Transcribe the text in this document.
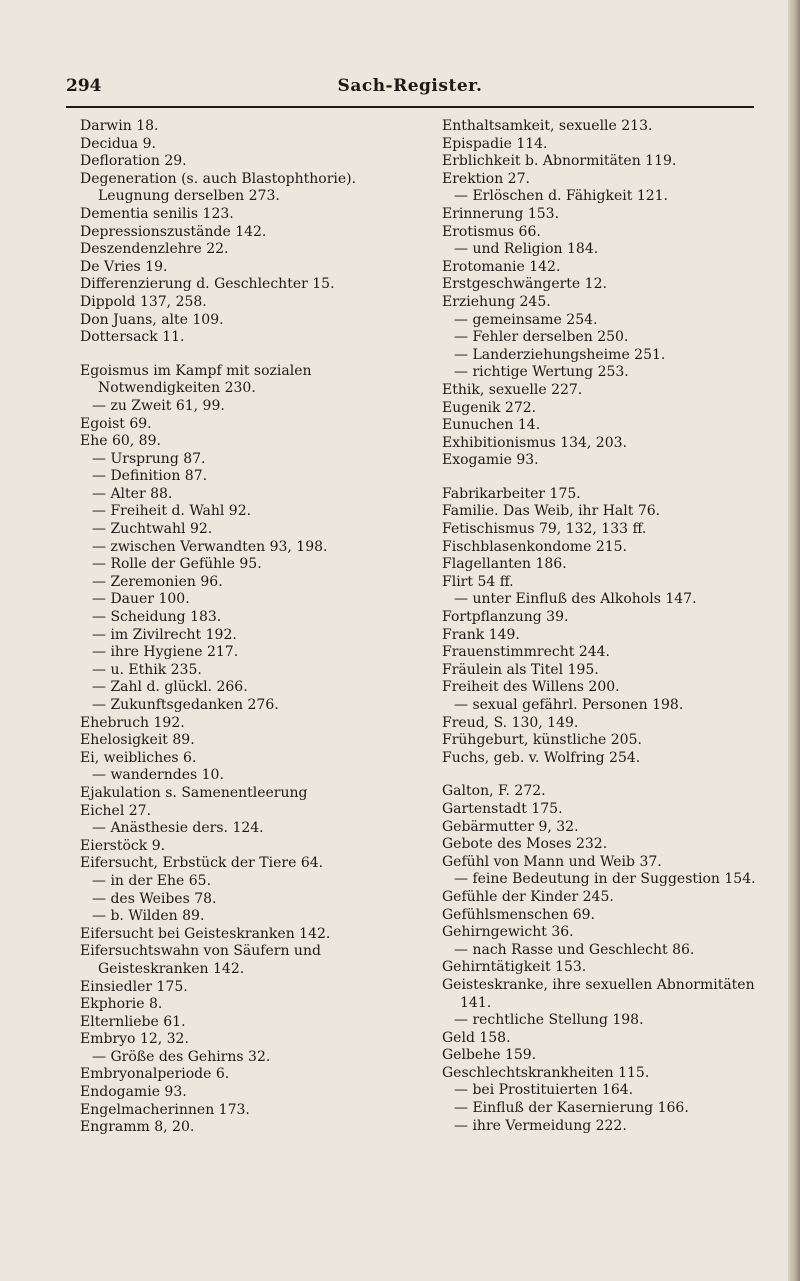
294	Sach-Register.
Darwin 18.
Decidua 9.
Defloration 29.
Degeneration (s. auch Blastophthorie). Leugnung derselben 273.
Dementia senilis 123.
Depressionszustände 142.
Deszendenzlehre 22.
De Vries 19.
Differenzierung d. Geschlechter 15.
Dippold 137, 258.
Don Juans, alte 109.
Dottersack 11.
Egoismus im Kampf mit sozialen Notwendigkeiten 230.
— zu Zweit 61, 99.
Egoist 69.
Ehe 60, 89.
— Ursprung 87.
— Definition 87.
— Alter 88.
— Freiheit d. Wahl 92.
— Zuchtwahl 92.
— zwischen Verwandten 93, 198.
— Rolle der Gefühle 95.
— Zeremonien 96.
— Dauer 100.
— Scheidung 183.
— im Zivilrecht 192.
— ihre Hygiene 217.
— u. Ethik 235.
— Zahl d. glückl. 266.
— Zukunftsgedanken 276.
Ehebruch 192.
Ehelosigkeit 89.
Ei, weibliches 6.
— wanderndes 10.
Ejakulation s. Samenentleerung
Eichel 27.
— Anästhesie ders. 124.
Eierstöck 9.
Eifersucht, Erbstück der Tiere 64.
— in der Ehe 65.
— des Weibes 78.
— b. Wilden 89.
Eifersucht bei Geisteskranken 142.
Eifersuchtswahn von Säufern und Geisteskranken 142.
Einsiedler 175.
Ekphorie 8.
Elternliebe 61.
Embryo 12, 32.
— Größe des Gehirns 32.
Embryonalperiode 6.
Endogamie 93.
Engelmacherinnen 173.
Engramm 8, 20.
Enthaltsamkeit, sexuelle 213.
Epispadie 114.
Erblichkeit b. Abnormitäten 119.
Erektion 27.
— Erlöschen d. Fähigkeit 121.
Erinnerung 153.
Erotismus 66.
— und Religion 184.
Erotomanie 142.
Erstgeschwängerte 12.
Erziehung 245.
— gemeinsame 254.
— Fehler derselben 250.
— Landerziehungsheime 251.
— richtige Wertung 253.
Ethik, sexuelle 227.
Eugenik 272.
Eunuchen 14.
Exhibitionismus 134, 203.
Exogamie 93.
Fabrikarbeiter 175.
Familie. Das Weib, ihr Halt 76.
Fetischismus 79, 132, 133 ff.
Fischblasenkondome 215.
Flagellanten 186.
Flirt 54 ff.
— unter Einfluß des Alkohols 147.
Fortpflanzung 39.
Frank 149.
Frauenstimmrecht 244.
Fräulein als Titel 195.
Freiheit des Willens 200.
— sexual gefährl. Personen 198.
Freud, S. 130, 149.
Frühgeburt, künstliche 205.
Fuchs, geb. v. Wolfring 254.
Galton, F. 272.
Gartenstadt 175.
Gebärmutter 9, 32.
Gebote des Moses 232.
Gefühl von Mann und Weib 37.
— feine Bedeutung in der Suggestion 154.
Gefühle der Kinder 245.
Gefühlsmenschen 69.
Gehirngewicht 36.
— nach Rasse und Geschlecht 86.
Gehirntätigkeit 153.
Geisteskranke, ihre sexuellen Abnormitäten 141.
— rechtliche Stellung 198.
Geld 158.
Gelbehe 159.
Geschlechtskrankheiten 115.
— bei Prostituierten 164.
— Einfluß der Kasernierung 166.
— ihre Vermeidung 222.
